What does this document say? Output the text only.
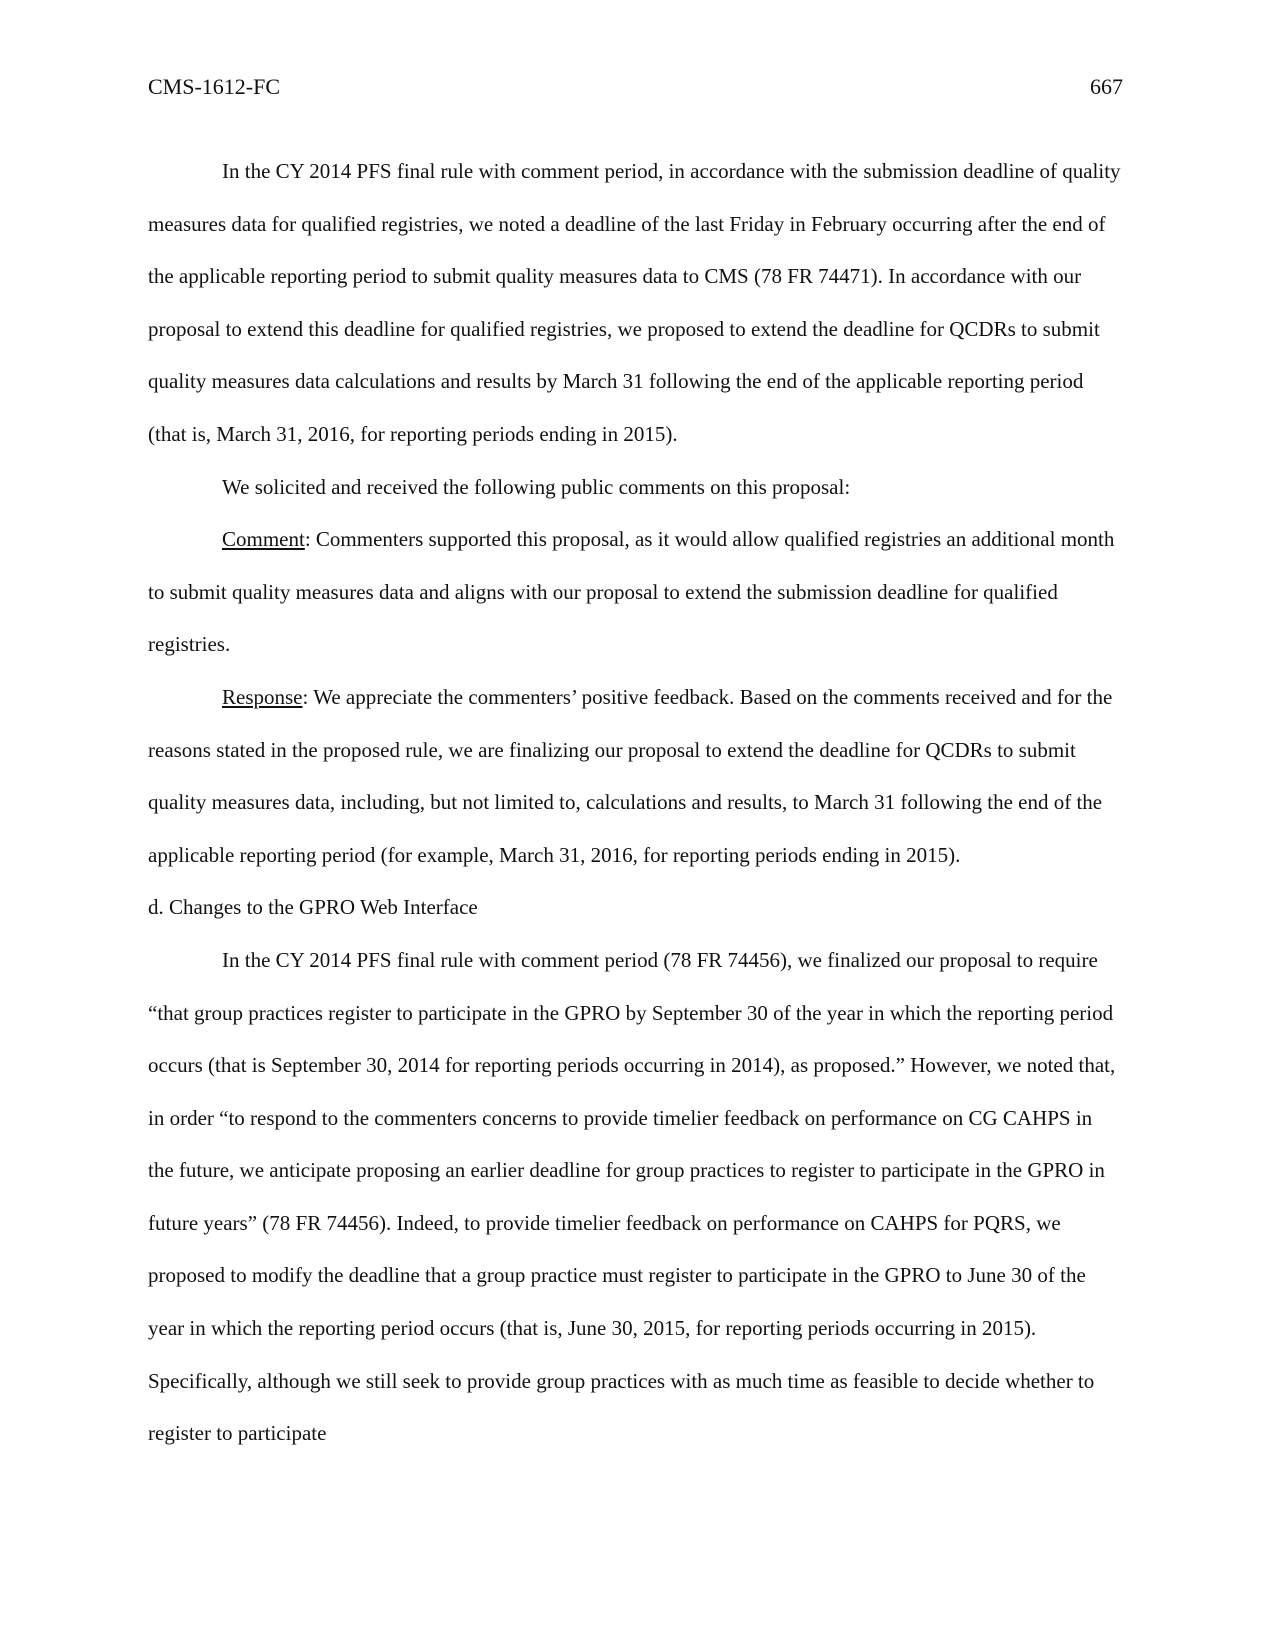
CMS-1612-FC	667

In the CY 2014 PFS final rule with comment period, in accordance with the submission deadline of quality measures data for qualified registries, we noted a deadline of the last Friday in February occurring after the end of the applicable reporting period to submit quality measures data to CMS (78 FR 74471). In accordance with our proposal to extend this deadline for qualified registries, we proposed to extend the deadline for QCDRs to submit quality measures data calculations and results by March 31 following the end of the applicable reporting period (that is, March 31, 2016, for reporting periods ending in 2015).

We solicited and received the following public comments on this proposal:

Comment: Commenters supported this proposal, as it would allow qualified registries an additional month to submit quality measures data and aligns with our proposal to extend the submission deadline for qualified registries.

Response: We appreciate the commenters’ positive feedback. Based on the comments received and for the reasons stated in the proposed rule, we are finalizing our proposal to extend the deadline for QCDRs to submit quality measures data, including, but not limited to, calculations and results, to March 31 following the end of the applicable reporting period (for example, March 31, 2016, for reporting periods ending in 2015).

d. Changes to the GPRO Web Interface

In the CY 2014 PFS final rule with comment period (78 FR 74456), we finalized our proposal to require “that group practices register to participate in the GPRO by September 30 of the year in which the reporting period occurs (that is September 30, 2014 for reporting periods occurring in 2014), as proposed.” However, we noted that, in order “to respond to the commenters concerns to provide timelier feedback on performance on CG CAHPS in the future, we anticipate proposing an earlier deadline for group practices to register to participate in the GPRO in future years” (78 FR 74456). Indeed, to provide timelier feedback on performance on CAHPS for PQRS, we proposed to modify the deadline that a group practice must register to participate in the GPRO to June 30 of the year in which the reporting period occurs (that is, June 30, 2015, for reporting periods occurring in 2015). Specifically, although we still seek to provide group practices with as much time as feasible to decide whether to register to participate
